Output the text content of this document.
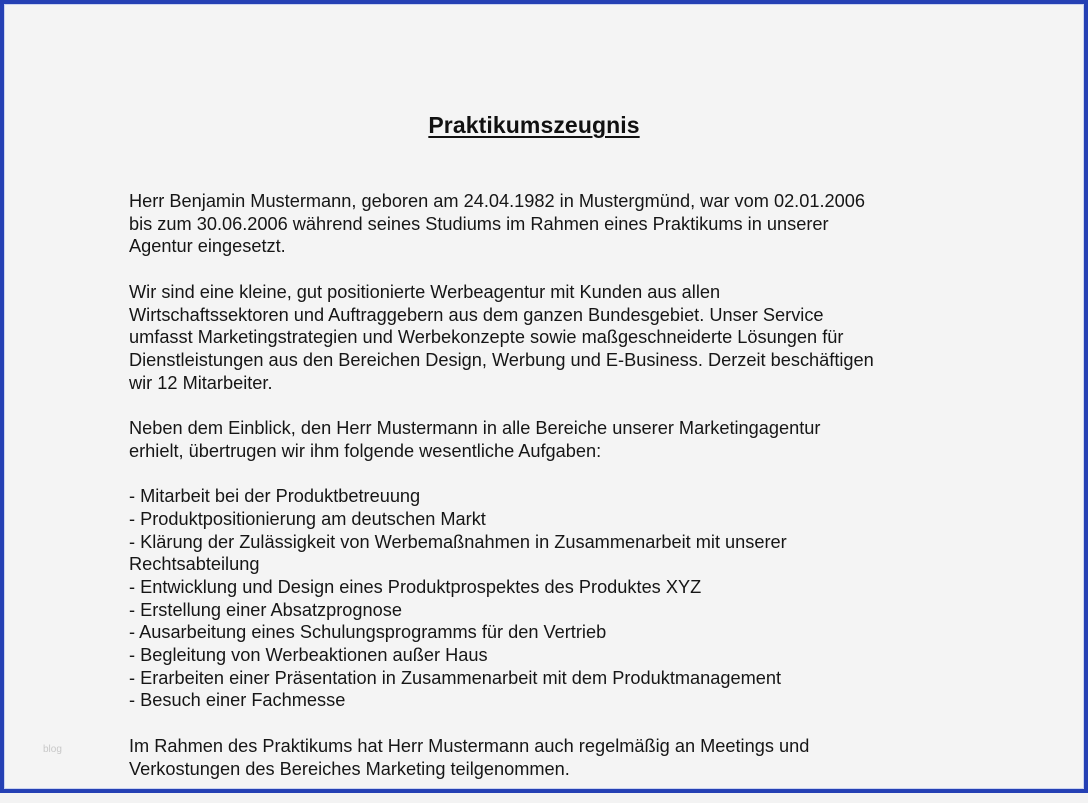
Praktikumszeugnis

Herr Benjamin Mustermann, geboren am 24.04.1982 in Mustergmünd, war vom 02.01.2006
bis zum 30.06.2006 während seines Studiums im Rahmen eines Praktikums in unserer
Agentur eingesetzt.

Wir sind eine kleine, gut positionierte Werbeagentur mit Kunden aus allen
Wirtschaftssektoren und Auftraggebern aus dem ganzen Bundesgebiet. Unser Service
umfasst Marketingstrategien und Werbekonzepte sowie maßgeschneiderte Lösungen für
Dienstleistungen aus den Bereichen Design, Werbung und E-Business. Derzeit beschäftigen
wir 12 Mitarbeiter.

Neben dem Einblick, den Herr Mustermann in alle Bereiche unserer Marketingagentur
erhielt, übertrugen wir ihm folgende wesentliche Aufgaben:

- Mitarbeit bei der Produktbetreuung
- Produktpositionierung am deutschen Markt
- Klärung der Zulässigkeit von Werbemaßnahmen in Zusammenarbeit mit unserer
Rechtsabteilung
- Entwicklung und Design eines Produktprospektes des Produktes XYZ
- Erstellung einer Absatzprognose
- Ausarbeitung eines Schulungsprogramms für den Vertrieb
- Begleitung von Werbeaktionen außer Haus
- Erarbeiten einer Präsentation in Zusammenarbeit mit dem Produktmanagement
- Besuch einer Fachmesse

Im Rahmen des Praktikums hat Herr Mustermann auch regelmäßig an Meetings und
Verkostungen des Bereiches Marketing teilgenommen.

blog
